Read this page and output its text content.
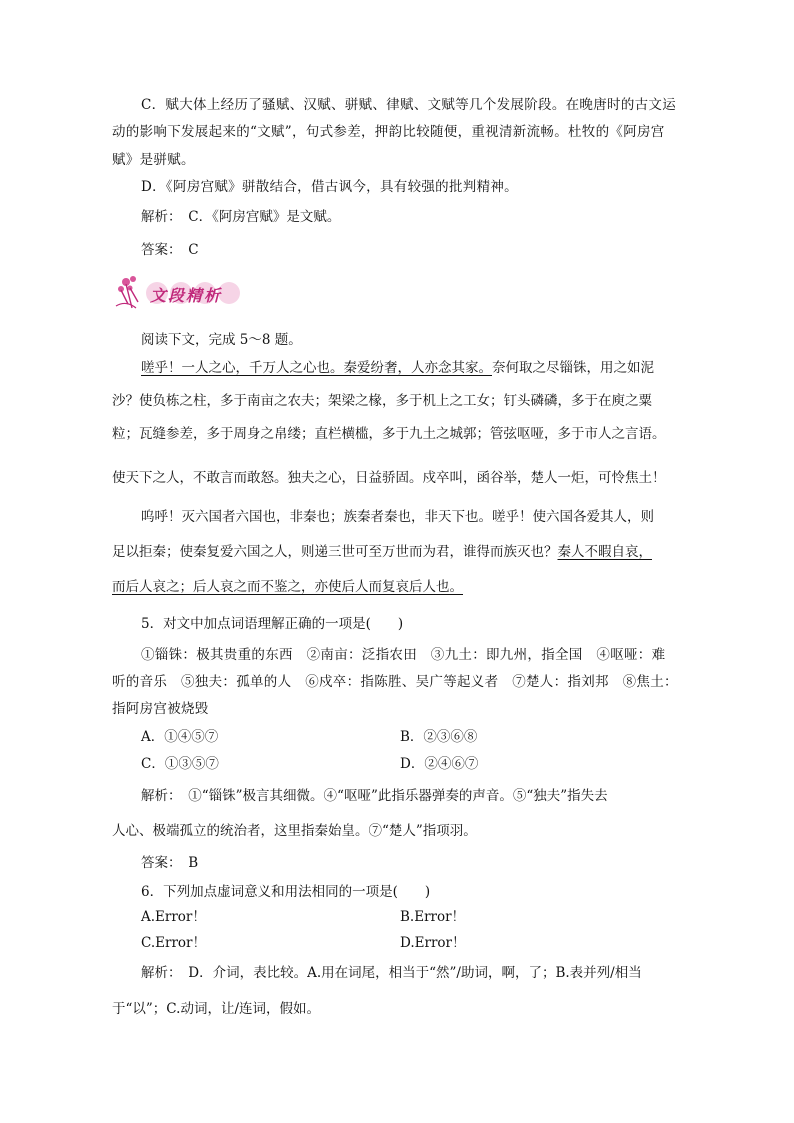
C．赋大体上经历了骚赋、汉赋、骈赋、律赋、文赋等几个发展阶段。在晚唐时的古文运
动的影响下发展起来的“文赋”，句式参差，押韵比较随便，重视清新流畅。杜牧的《阿房宫
赋》是骈赋。
D．《阿房宫赋》骈散结合，借古讽今，具有较强的批判精神。
解析：　C．《阿房宫赋》是文赋。
答案：　C
文段精析
阅读下文，完成 5～8 题。
嗟乎！一人之心，千万人之心也。秦爱纷奢，人亦念其家。奈何取之尽锱铢，用之如泥
沙？使负栋之柱，多于南亩之农夫；架梁之椽，多于机上之工女；钉头磷磷，多于在庾之粟
粒；瓦缝参差，多于周身之帛缕；直栏横槛，多于九土之城郭；管弦呕哑，多于市人之言语。
使天下之人，不敢言而敢怒。独夫之心，日益骄固。戍卒叫，函谷举，楚人一炬，可怜焦土！
呜呼！灭六国者六国也，非秦也；族秦者秦也，非天下也。嗟乎！使六国各爱其人，则
足以拒秦；使秦复爱六国之人，则递三世可至万世而为君，谁得而族灭也？秦人不暇自哀，
而后人哀之；后人哀之而不鉴之，亦使后人而复哀后人也。
5．对文中加点词语理解正确的一项是(　　)
①锱铢：极其贵重的东西　②南亩：泛指农田　③九土：即九州，指全国　④呕哑：难
听的音乐　⑤独夫：孤单的人　⑥戍卒：指陈胜、吴广等起义者　⑦楚人：指刘邦　⑧焦土：
指阿房宫被烧毁
A．①④⑤⑦	B．②③⑥⑧
C．①③⑤⑦	D．②④⑥⑦
解析：　①“锱铢”极言其细微。④“呕哑”此指乐器弹奏的声音。⑤“独夫”指失去
人心、极端孤立的统治者，这里指秦始皇。⑦“楚人”指项羽。
答案：　B
6．下列加点虚词意义和用法相同的一项是(　　)
A.Error！	B.Error！
C.Error！	D.Error！
解析：　D．介词，表比较。A.用在词尾，相当于“然”/助词，啊，了；B.表并列/相当
于“以”；C.动词，让/连词，假如。
